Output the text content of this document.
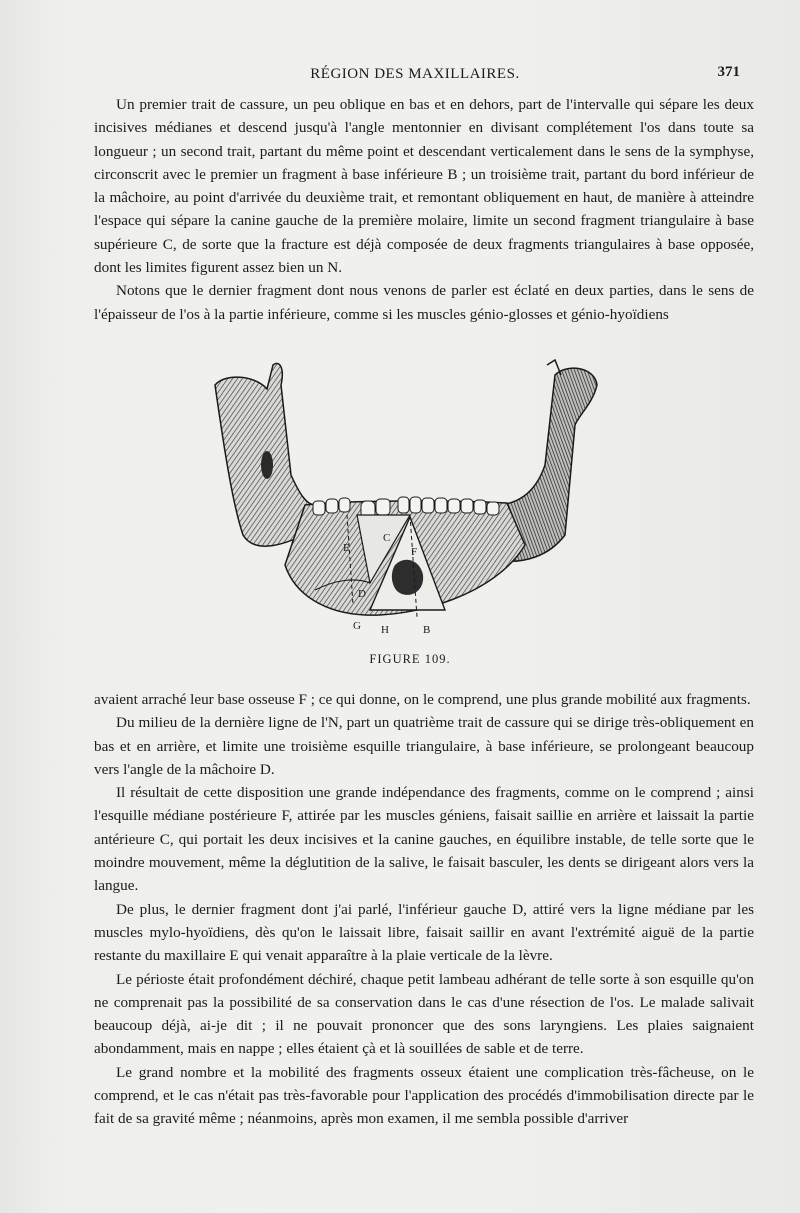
RÉGION DES MAXILLAIRES.	371

Un premier trait de cassure, un peu oblique en bas et en dehors, part de l'intervalle qui sépare les deux incisives médianes et descend jusqu'à l'angle mentonnier en divisant complétement l'os dans toute sa longueur ; un second trait, partant du même point et descendant verticalement dans le sens de la symphyse, circonscrit avec le premier un fragment à base inférieure B ; un troisième trait, partant du bord inférieur de la mâchoire, au point d'arrivée du deuxième trait, et remontant obliquement en haut, de manière à atteindre l'espace qui sépare la canine gauche de la première molaire, limite un second fragment triangulaire à base supérieure C, de sorte que la fracture est déjà composée de deux fragments triangulaires à base opposée, dont les limites figurent assez bien un N.

Notons que le dernier fragment dont nous venons de parler est éclaté en deux parties, dans le sens de l'épaisseur de l'os à la partie inférieure, comme si les muscles génio-glosses et génio-hyoïdiens

E
C
F
D
G H	B
FIGURE 109.

avaient arraché leur base osseuse F ; ce qui donne, on le comprend, une plus grande mobilité aux fragments.

Du milieu de la dernière ligne de l'N, part un quatrième trait de cassure qui se dirige très-obliquement en bas et en arrière, et limite une troisième esquille triangulaire, à base inférieure, se prolongeant beaucoup vers l'angle de la mâchoire D.

Il résultait de cette disposition une grande indépendance des fragments, comme on le comprend ; ainsi l'esquille médiane postérieure F, attirée par les muscles géniens, faisait saillie en arrière et laissait la partie antérieure C, qui portait les deux incisives et la canine gauches, en équilibre instable, de telle sorte que le moindre mouvement, même la déglutition de la salive, le faisait basculer, les dents se dirigeant alors vers la langue.

De plus, le dernier fragment dont j'ai parlé, l'inférieur gauche D, attiré vers la ligne médiane par les muscles mylo-hyoïdiens, dès qu'on le laissait libre, faisait saillir en avant l'extrémité aiguë de la partie restante du maxillaire E qui venait apparaître à la plaie verticale de la lèvre.

Le périoste était profondément déchiré, chaque petit lambeau adhérant de telle sorte à son esquille qu'on ne comprenait pas la possibilité de sa conservation dans le cas d'une résection de l'os. Le malade salivait beaucoup déjà, ai-je dit ; il ne pouvait prononcer que des sons laryngiens. Les plaies saignaient abondamment, mais en nappe ; elles étaient çà et là souillées de sable et de terre.

Le grand nombre et la mobilité des fragments osseux étaient une complication très-fâcheuse, on le comprend, et le cas n'était pas très-favorable pour l'application des procédés d'immobilisation directe par le fait de sa gravité même ; néanmoins, après mon examen, il me sembla possible d'arriver
